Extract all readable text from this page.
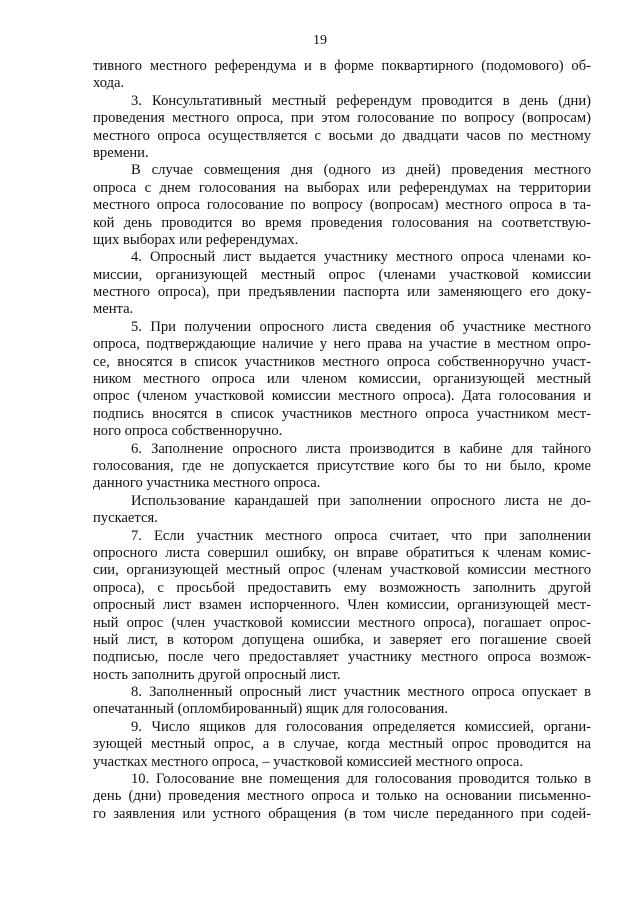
19
тивного местного референдума и в форме поквартирного (подомового) об-
хода.
3. Консультативный местный референдум проводится в день (дни)
проведения местного опроса, при этом голосование по вопросу (вопросам)
местного опроса осуществляется с восьми до двадцати часов по местному
времени.
В случае совмещения дня (одного из дней) проведения местного
опроса с днем голосования на выборах или референдумах на территории
местного опроса голосование по вопросу (вопросам) местного опроса в та-
кой день проводится во время проведения голосования на соответствую-
щих выборах или референдумах.
4. Опросный лист выдается участнику местного опроса членами ко-
миссии, организующей местный опрос (членами участковой комиссии
местного опроса), при предъявлении паспорта или заменяющего его доку-
мента.
5. При получении опросного листа сведения об участнике местного
опроса, подтверждающие наличие у него права на участие в местном опро-
се, вносятся в список участников местного опроса собственноручно участ-
ником местного опроса или членом комиссии, организующей местный
опрос (членом участковой комиссии местного опроса). Дата голосования и
подпись вносятся в список участников местного опроса участником мест-
ного опроса собственноручно.
6. Заполнение опросного листа производится в кабине для тайного
голосования, где не допускается присутствие кого бы то ни было, кроме
данного участника местного опроса.
Использование карандашей при заполнении опросного листа не до-
пускается.
7. Если участник местного опроса считает, что при заполнении
опросного листа совершил ошибку, он вправе обратиться к членам комис-
сии, организующей местный опрос (членам участковой комиссии местного
опроса), с просьбой предоставить ему возможность заполнить другой
опросный лист взамен испорченного. Член комиссии, организующей мест-
ный опрос (член участковой комиссии местного опроса), погашает опрос-
ный лист, в котором допущена ошибка, и заверяет его погашение своей
подписью, после чего предоставляет участнику местного опроса возмож-
ность заполнить другой опросный лист.
8. Заполненный опросный лист участник местного опроса опускает в
опечатанный (опломбированный) ящик для голосования.
9. Число ящиков для голосования определяется комиссией, органи-
зующей местный опрос, а в случае, когда местный опрос проводится на
участках местного опроса, – участковой комиссией местного опроса.
10. Голосование вне помещения для голосования проводится только в
день (дни) проведения местного опроса и только на основании письменно-
го заявления или устного обращения (в том числе переданного при содей-
